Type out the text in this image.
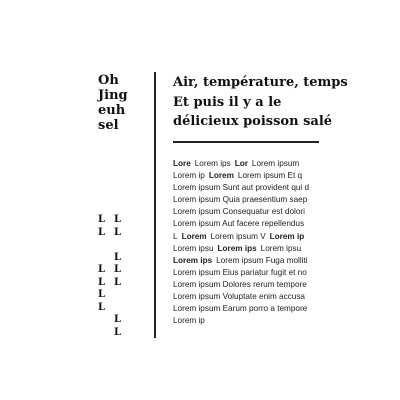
Oh
Jing
euh
sel
Air, température, temps
Et puis il y a le
délicieux poisson salé
Lore Lorem ips Lor Lorem ipsum
Lorem ip Lorem Lorem ipsum Et q
Lorem ipsum Sunt aut provident qui d
Lorem ipsum Quia praesentium saep
Lorem ipsum Consequatur est dolori
Lorem ipsum Aut facere repellendus
L Lorem Lorem ipsum V Lorem ip
Lorem ipsu Lorem ips Lorem ipsu
Lorem ips Lorem ipsum Fuga molliti
Lorem ipsum Eius pariatur fugit et no
Lorem ipsum Dolores rerum tempore
Lorem ipsum Voluptate enim accusa
Lorem ipsum Earum porro a tempore
Lorem ip
L
L
L
L
L
L
L
L
L
L
L
L
L
